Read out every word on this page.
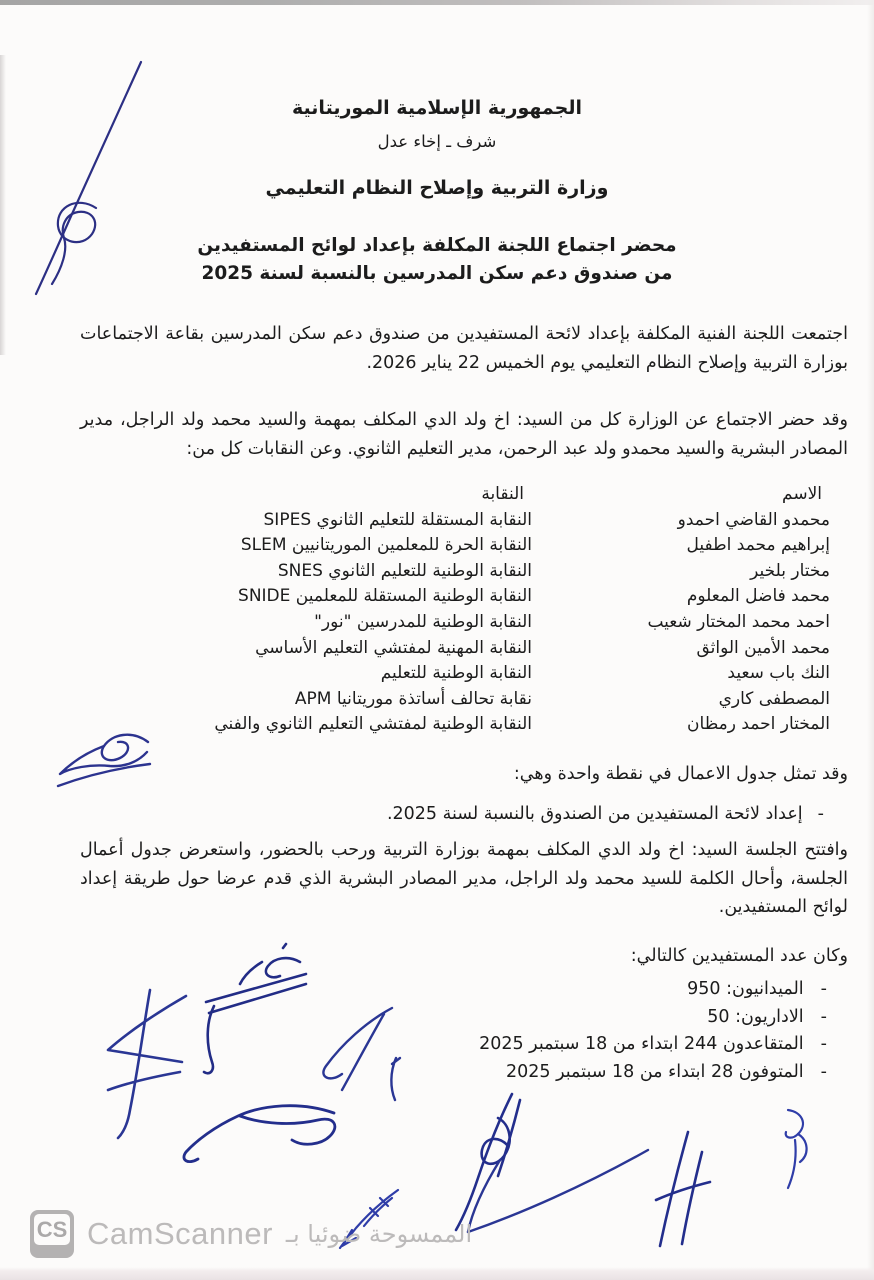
الجمهورية الإسلامية الموريتانية
شرف ـ إخاء عدل
وزارة التربية وإصلاح النظام التعليمي
محضر اجتماع اللجنة المكلفة بإعداد لوائح المستفيدين
من صندوق دعم سكن المدرسين بالنسبة لسنة 2025
اجتمعت اللجنة الفنية المكلفة بإعداد لائحة المستفيدين من صندوق دعم سكن المدرسين بقاعة الاجتماعات بوزارة التربية وإصلاح النظام التعليمي يوم الخميس 22 يناير 2026.
وقد حضر الاجتماع عن الوزارة كل من السيد: اخ ولد الدي المكلف بمهمة والسيد محمد ولد الراجل، مدير المصادر البشرية والسيد محمدو ولد عبد الرحمن، مدير التعليم الثانوي. وعن النقابات كل من:
الاسم
النقابة
محمدو القاضي احمدو
النقابة المستقلة للتعليم الثانوي SIPES
إبراهيم محمد اطفيل
النقابة الحرة للمعلمين الموريتانيين SLEM
مختار بلخير
النقابة الوطنية للتعليم الثانوي SNES
محمد فاضل المعلوم
النقابة الوطنية المستقلة للمعلمين SNIDE
احمد محمد المختار شعيب
النقابة الوطنية للمدرسين "نور"
محمد الأمين الواثق
النقابة المهنية لمفتشي التعليم الأساسي
النك باب سعيد
النقابة الوطنية للتعليم
المصطفى كاري
نقابة تحالف أساتذة موريتانيا APM
المختار احمد رمظان
النقابة الوطنية لمفتشي التعليم الثانوي والفني
وقد تمثل جدول الاعمال في نقطة واحدة وهي:
-
إعداد لائحة المستفيدين من الصندوق بالنسبة لسنة 2025.
وافتتح الجلسة السيد: اخ ولد الدي المكلف بمهمة بوزارة التربية ورحب بالحضور، واستعرض جدول أعمال الجلسة، وأحال الكلمة للسيد محمد ولد الراجل، مدير المصادر البشرية الذي قدم عرضا حول طريقة إعداد لوائح المستفيدين.
وكان عدد المستفيدين كالتالي:
-
الميدانيون: 950
-
الاداريون: 50
-
المتقاعدون 244 ابتداء من 18 سبتمبر 2025
-
المتوفون 28 ابتداء من 18 سبتمبر 2025
CS CamScanner الممسوحة ضوئيا بـ
